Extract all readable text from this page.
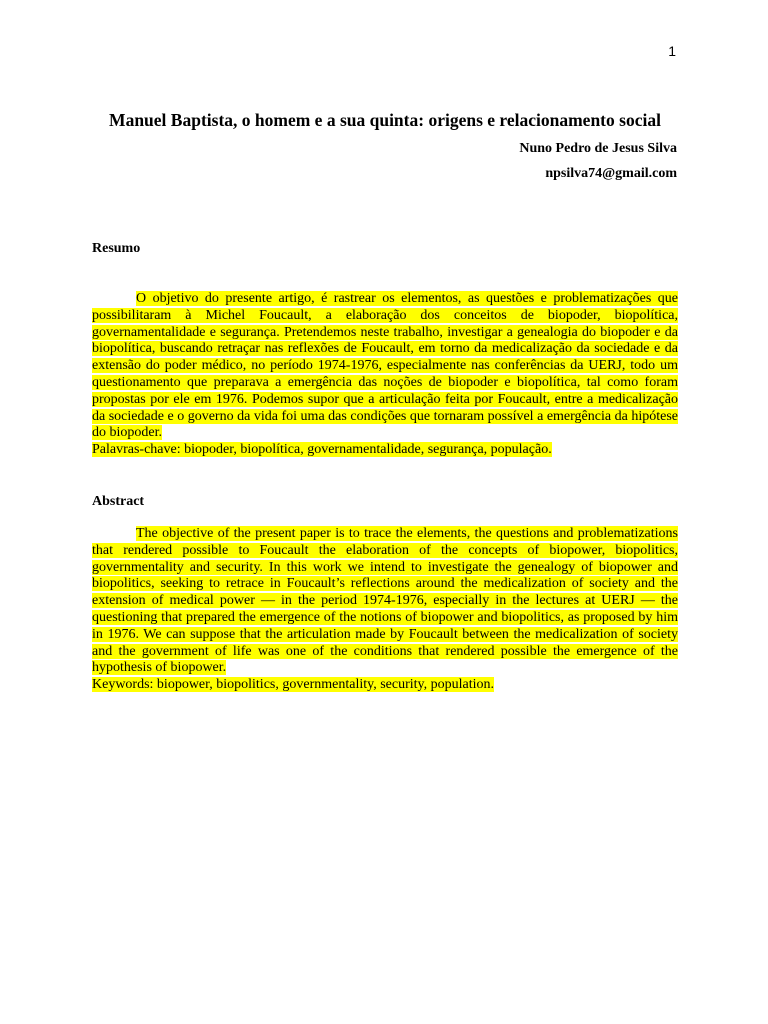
1
Manuel Baptista, o homem e a sua quinta: origens e relacionamento social
Nuno Pedro de Jesus Silva
npsilva74@gmail.com
Resumo

O objetivo do presente artigo, é rastrear os elementos, as questões e problematizações que possibilitaram à Michel Foucault, a elaboração dos conceitos de biopoder, biopolítica, governamentalidade e segurança. Pretendemos neste trabalho, investigar a genealogia do biopoder e da biopolítica, buscando retraçar nas reflexões de Foucault, em torno da medicalização da sociedade e da extensão do poder médico, no período 1974-1976, especialmente nas conferências da UERJ, todo um questionamento que preparava a emergência das noções de biopoder e biopolítica, tal como foram propostas por ele em 1976. Podemos supor que a articulação feita por Foucault, entre a medicalização da sociedade e o governo da vida foi uma das condições que tornaram possível a emergência da hipótese do biopoder.

Palavras-chave: biopoder, biopolítica, governamentalidade, segurança, população.
Abstract

The objective of the present paper is to trace the elements, the questions and problematizations that rendered possible to Foucault the elaboration of the concepts of biopower, biopolitics, governmentality and security. In this work we intend to investigate the genealogy of biopower and biopolitics, seeking to retrace in Foucault’s reflections around the medicalization of society and the extension of medical power — in the period 1974-1976, especially in the lectures at UERJ — the questioning that prepared the emergence of the notions of biopower and biopolitics, as proposed by him in 1976. We can suppose that the articulation made by Foucault between the medicalization of society and the government of life was one of the conditions that rendered possible the emergence of the hypothesis of biopower.

Keywords: biopower, biopolitics, governmentality, security, population.
